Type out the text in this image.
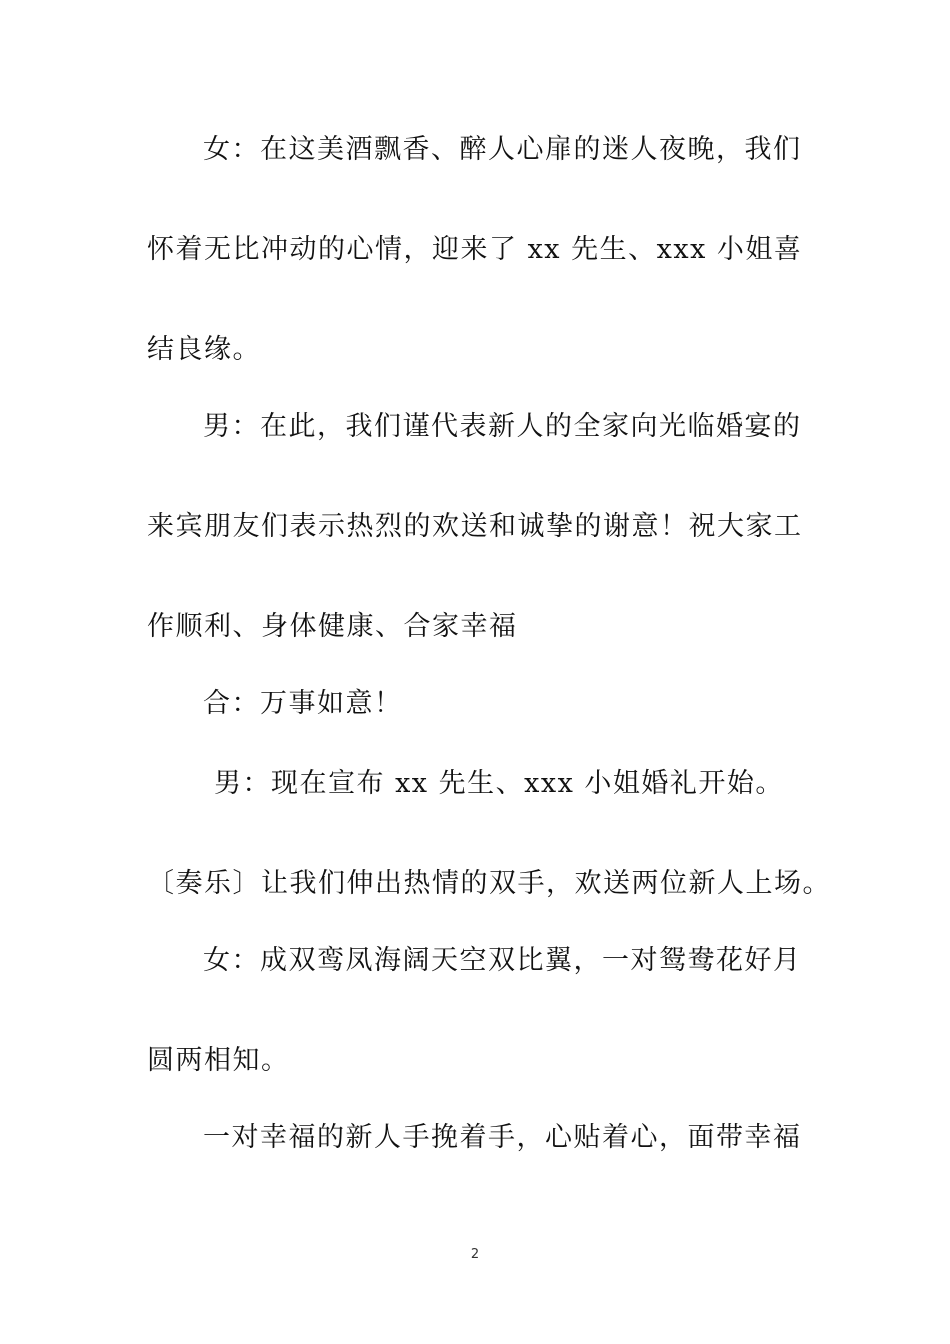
女：在这美酒飘香、醉人心扉的迷人夜晚，我们
怀着无比冲动的心情，迎来了 xx 先生、xxx 小姐喜
结良缘。
男：在此，我们谨代表新人的全家向光临婚宴的
来宾朋友们表示热烈的欢送和诚挚的谢意！祝大家工
作顺利、身体健康、合家幸福
合：万事如意！
男：现在宣布 xx 先生、xxx 小姐婚礼开始。
〔奏乐〕让我们伸出热情的双手，欢送两位新人上场。
女：成双鸾凤海阔天空双比翼，一对鸳鸯花好月
圆两相知。
一对幸福的新人手挽着手，心贴着心，面带幸福
2
